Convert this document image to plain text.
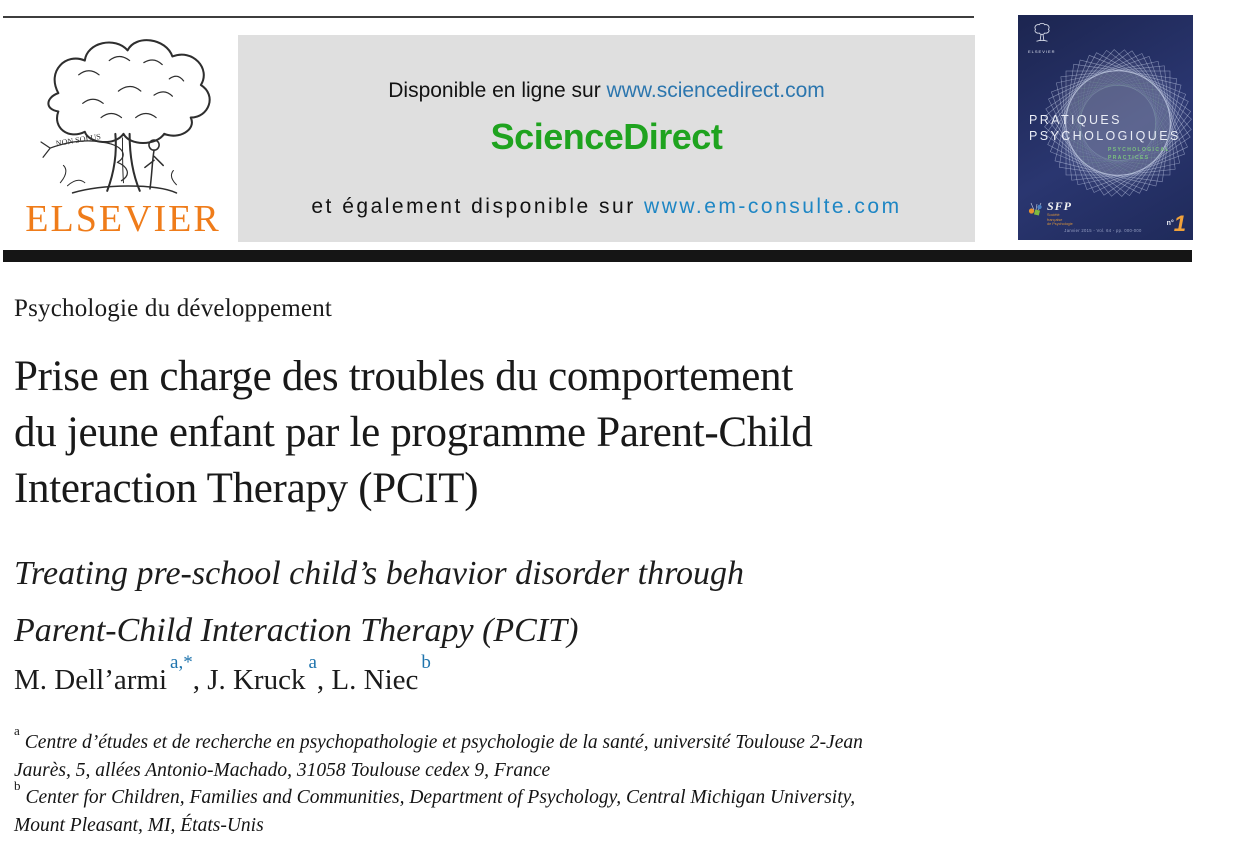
NON SOLUS
ELSEVIER
Disponible en ligne sur www.sciencedirect.com
ScienceDirect
et également disponible sur www.em-consulte.com
ELSEVIER
PRATIQUES
PSYCHOLOGIQUES
PSYCHOLOGICAL
PRACTICES
SFP
Société
française
de Psychologie
Janvier 2015 - Vol. 64 - pp. 000-000
$^{n^\circ}$1
Psychologie du développement
Prise en charge des troubles du comportement
du jeune enfant par le programme Parent-Child
Interaction Therapy (PCIT)
Treating pre-school child’s behavior disorder through
Parent-Child Interaction Therapy (PCIT)
M. Dell’armi$^{a,*}$, J. Kruck$^a$, L. Niec$^b$

$^a$Centre d’études et de recherche en psychopathologie et psychologie de la santé, université Toulouse 2-Jean
Jaurès, 5, allées Antonio-Machado, 31058 Toulouse cedex 9, France

$^b$Center for Children, Families and Communities, Department of Psychology, Central Michigan University,
Mount Pleasant, MI, États-Unis
